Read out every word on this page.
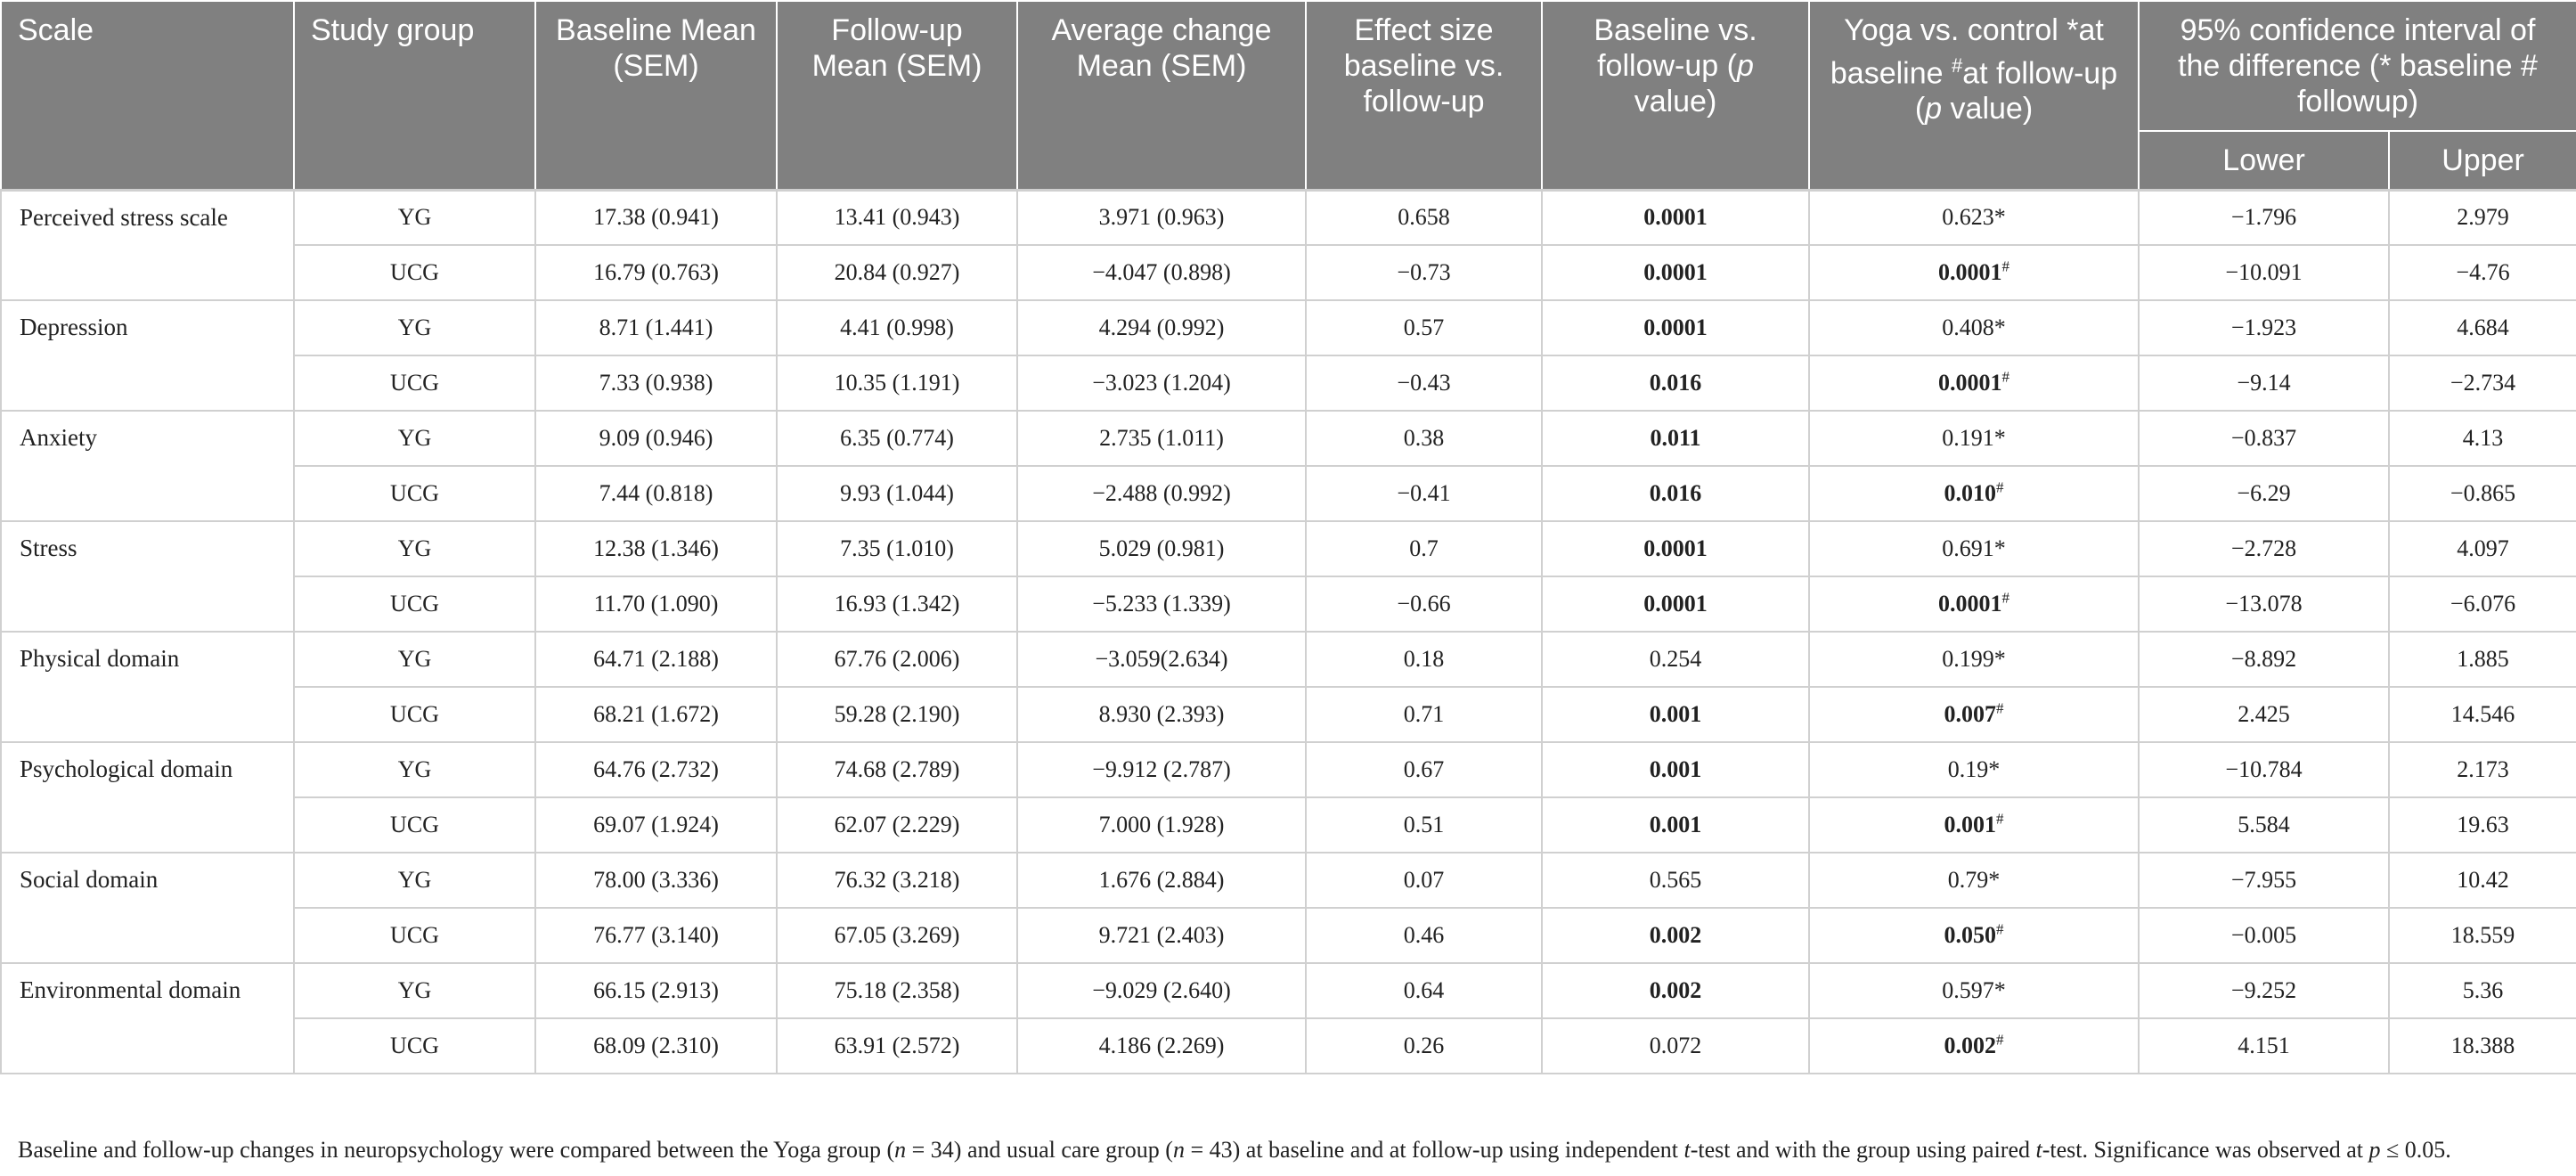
Scale	Study group	Baseline Mean (SEM)	Follow-up Mean (SEM)	Average change Mean (SEM)	Effect size baseline vs. follow-up	Baseline vs. follow-up (p value)	Yoga vs. control *at baseline #at follow-up (p value)	95% confidence interval of the difference (* baseline # followup)	
								Lower	Upper
Perceived stress scale	YG	17.38 (0.941)	13.41 (0.943)	3.971 (0.963)	0.658	0.0001	0.623*	−1.796	2.979
	UCG	16.79 (0.763)	20.84 (0.927)	−4.047 (0.898)	−0.73	0.0001	0.0001#	−10.091	−4.76
Depression	YG	8.71 (1.441)	4.41 (0.998)	4.294 (0.992)	0.57	0.0001	0.408*	−1.923	4.684
	UCG	7.33 (0.938)	10.35 (1.191)	−3.023 (1.204)	−0.43	0.016	0.0001#	−9.14	−2.734
Anxiety	YG	9.09 (0.946)	6.35 (0.774)	2.735 (1.011)	0.38	0.011	0.191*	−0.837	4.13
	UCG	7.44 (0.818)	9.93 (1.044)	−2.488 (0.992)	−0.41	0.016	0.010#	−6.29	−0.865
Stress	YG	12.38 (1.346)	7.35 (1.010)	5.029 (0.981)	0.7	0.0001	0.691*	−2.728	4.097
	UCG	11.70 (1.090)	16.93 (1.342)	−5.233 (1.339)	−0.66	0.0001	0.0001#	−13.078	−6.076
Physical domain	YG	64.71 (2.188)	67.76 (2.006)	−3.059(2.634)	0.18	0.254	0.199*	−8.892	1.885
	UCG	68.21 (1.672)	59.28 (2.190)	8.930 (2.393)	0.71	0.001	0.007#	2.425	14.546
Psychological domain	YG	64.76 (2.732)	74.68 (2.789)	−9.912 (2.787)	0.67	0.001	0.19*	−10.784	2.173
	UCG	69.07 (1.924)	62.07 (2.229)	7.000 (1.928)	0.51	0.001	0.001#	5.584	19.63
Social domain	YG	78.00 (3.336)	76.32 (3.218)	1.676 (2.884)	0.07	0.565	0.79*	−7.955	10.42
	UCG	76.77 (3.140)	67.05 (3.269)	9.721 (2.403)	0.46	0.002	0.050#	−0.005	18.559
Environmental domain	YG	66.15 (2.913)	75.18 (2.358)	−9.029 (2.640)	0.64	0.002	0.597*	−9.252	5.36
	UCG	68.09 (2.310)	63.91 (2.572)	4.186 (2.269)	0.26	0.072	0.002#	4.151	18.388
Baseline and follow-up changes in neuropsychology were compared between the Yoga group (n = 34) and usual care group (n = 43) at baseline and at follow-up using independent t-test and with the group using paired t-test. Significance was observed at p ≤ 0.05.
